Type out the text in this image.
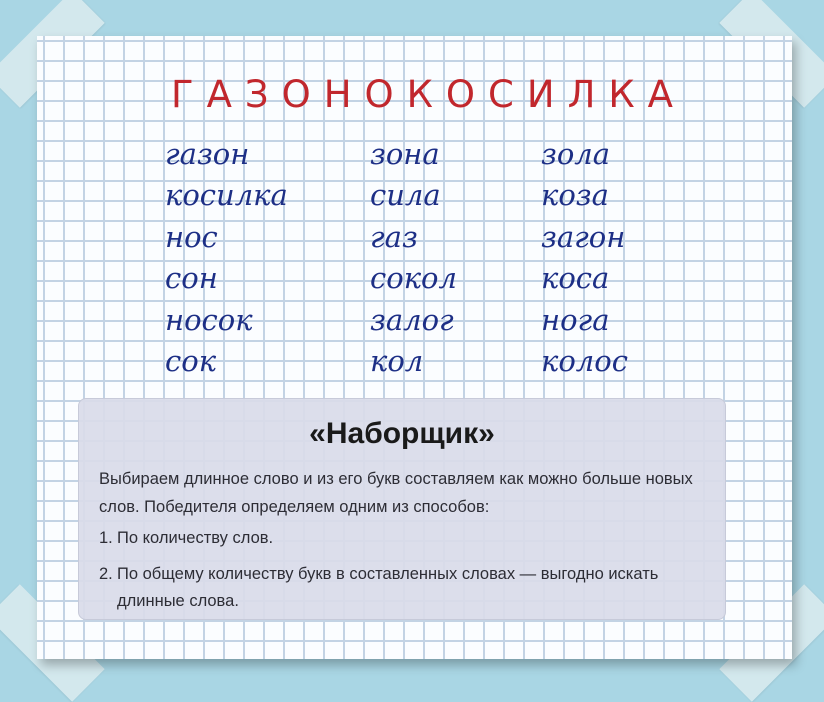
ГАЗОНОКОСИЛКА
газон
косилка
нос
сон
носок
сок
зона
сила
газ
сокол
залог
кол
зола
коза
загон
коса
нога
колос
«Наборщик»

Выбираем длинное слово и из его букв составляем как можно больше новых слов. Победителя определяем одним из способов:

1. По количеству слов.
2. По общему количеству букв в составленных словах — выгодно искать длинные слова.
